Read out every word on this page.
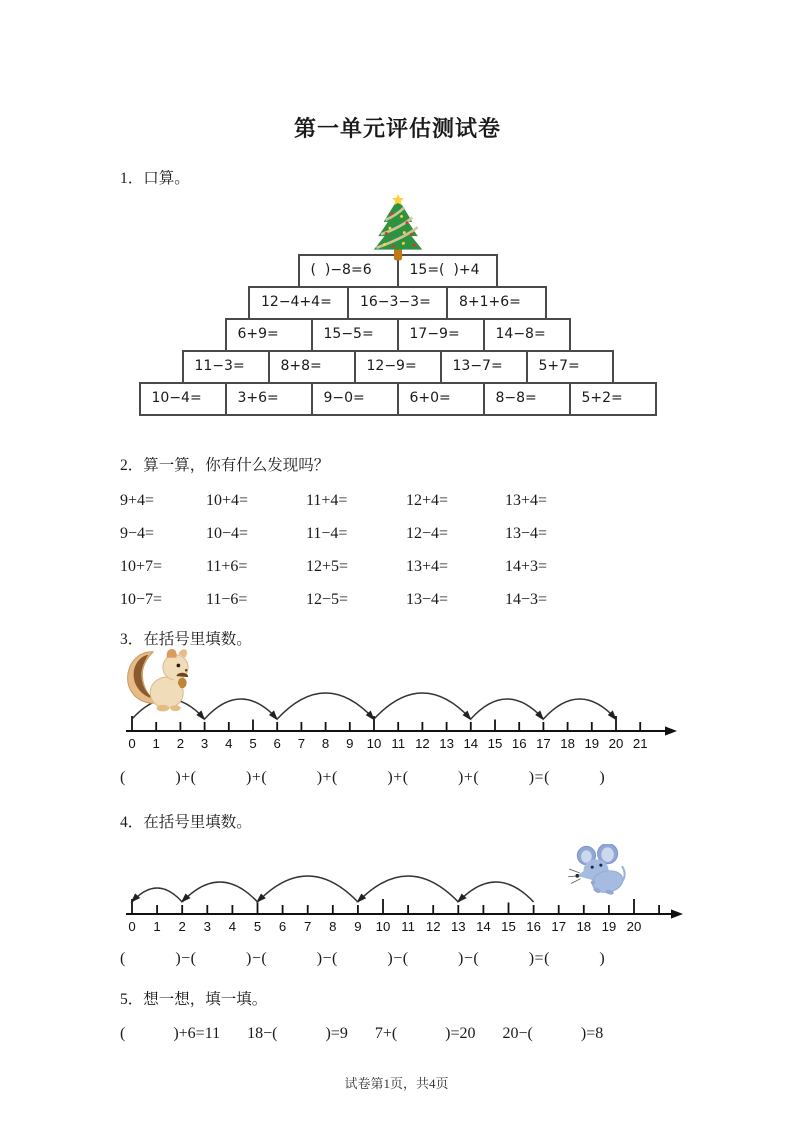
第一单元评估测试卷

1．口算。

(  )−8=6	15=(  )+4
12−4+4=	16−3−3=	8+1+6=
6+9=	15−5=	17−9=	14−8=
11−3=	8+8=	12−9=	13−7=	5+7=
10−4=	3+6=	9−0=	6+0=	8−8=	5+2=

2．算一算，你有什么发现吗？

9+4=	10+4=	11+4=	12+4=	13+4=
9−4=	10−4=	11−4=	12−4=	13−4=
10+7=	11+6=	12+5=	13+4=	14+3=
10−7=	11−6=	12−5=	13−4=	14−3=

3．在括号里填数。

0 1 2 3 4 5 6 7 8 9 10 11 12 13 14 15 16 17 18 19 20 21

(           )+(           )+(           )+(           )+(           )+(           )=(           )

4．在括号里填数。

0 1 2 3 4 5 6 7 8 9 10 11 12 13 14 15 16 17 18 19 20

(           )−(           )−(           )−(           )−(           )−(           )=(           )

5．想一想，填一填。

(            )+6=11 18−(            )=9 7+(            )=20 20−(            )=8
试卷第1页，共4页
